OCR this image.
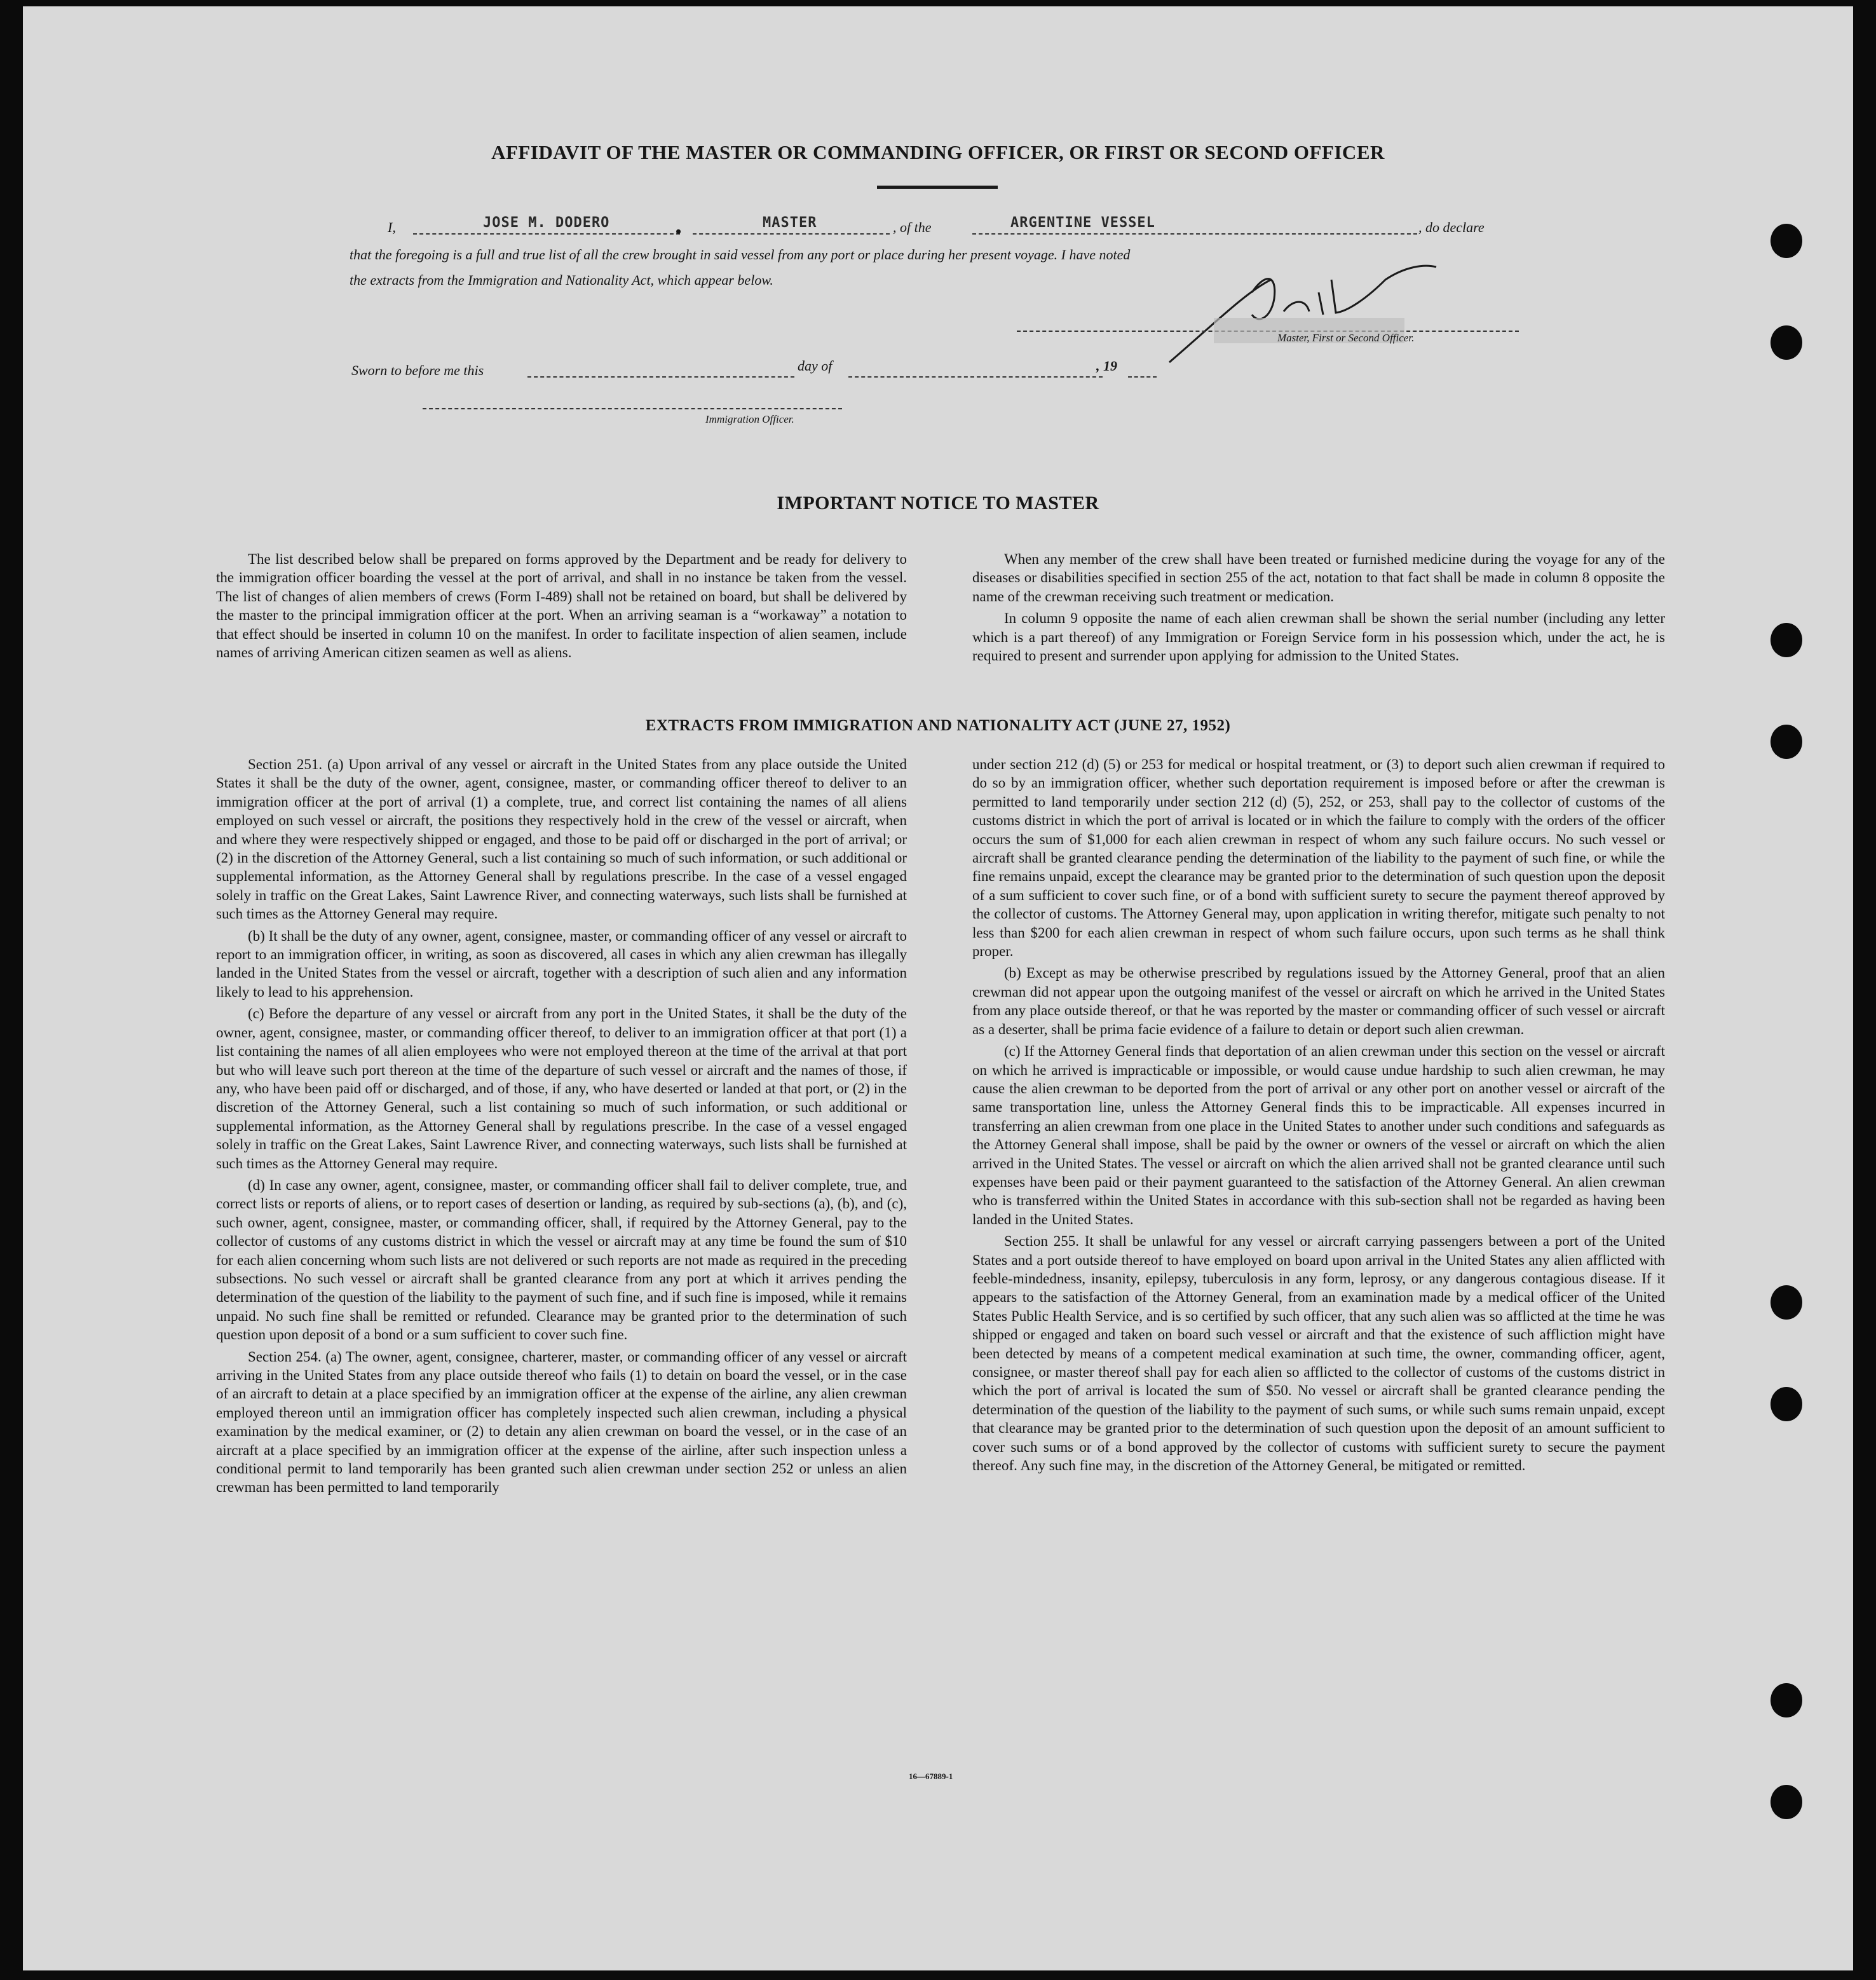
AFFIDAVIT OF THE MASTER OR COMMANDING OFFICER, OR FIRST OR SECOND OFFICER
I,	JOSE M. DODERO	•	MASTER	, of the	ARGENTINE VESSEL	, do declare
that the foregoing is a full and true list of all the crew brought in said vessel from any port or place during her present voyage. I have noted
the extracts from the Immigration and Nationality Act, which appear below.
Master, First or Second Officer.
Sworn to before me this	day of	, 19
Immigration Officer.
IMPORTANT NOTICE TO MASTER

The list described below shall be prepared on forms approved by the Department and be ready for delivery to the immigration officer boarding the vessel at the port of arrival, and shall in no instance be taken from the vessel. The list of changes of alien members of crews (Form I-489) shall not be retained on board, but shall be delivered by the master to the principal immigration officer at the port. When an arriving seaman is a “workaway” a notation to that effect should be inserted in column 10 on the manifest. In order to facilitate inspection of alien seamen, include names of arriving American citizen seamen as well as aliens.

When any member of the crew shall have been treated or furnished medicine during the voyage for any of the diseases or disabilities specified in section 255 of the act, notation to that fact shall be made in column 8 opposite the name of the crewman receiving such treatment or medication.

In column 9 opposite the name of each alien crewman shall be shown the serial number (including any letter which is a part thereof) of any Immigration or Foreign Service form in his possession which, under the act, he is required to present and surrender upon applying for admission to the United States.

EXTRACTS FROM IMMIGRATION AND NATIONALITY ACT (JUNE 27, 1952)

Section 251. (a) Upon arrival of any vessel or aircraft in the United States from any place outside the United States it shall be the duty of the owner, agent, consignee, master, or commanding officer thereof to deliver to an immigration officer at the port of arrival (1) a complete, true, and correct list containing the names of all aliens employed on such vessel or aircraft, the positions they respectively hold in the crew of the vessel or aircraft, when and where they were respectively shipped or engaged, and those to be paid off or discharged in the port of arrival; or (2) in the discretion of the Attorney General, such a list containing so much of such information, or such additional or supplemental information, as the Attorney General shall by regulations prescribe. In the case of a vessel engaged solely in traffic on the Great Lakes, Saint Lawrence River, and connecting waterways, such lists shall be furnished at such times as the Attorney General may require.

(b) It shall be the duty of any owner, agent, consignee, master, or commanding officer of any vessel or aircraft to report to an immigration officer, in writing, as soon as discovered, all cases in which any alien crewman has illegally landed in the United States from the vessel or aircraft, together with a description of such alien and any information likely to lead to his apprehension.

(c) Before the departure of any vessel or aircraft from any port in the United States, it shall be the duty of the owner, agent, consignee, master, or commanding officer thereof, to deliver to an immigration officer at that port (1) a list containing the names of all alien employees who were not employed thereon at the time of the arrival at that port but who will leave such port thereon at the time of the departure of such vessel or aircraft and the names of those, if any, who have been paid off or discharged, and of those, if any, who have deserted or landed at that port, or (2) in the discretion of the Attorney General, such a list containing so much of such information, or such additional or supplemental information, as the Attorney General shall by regulations prescribe. In the case of a vessel engaged solely in traffic on the Great Lakes, Saint Lawrence River, and connecting waterways, such lists shall be furnished at such times as the Attorney General may require.

(d) In case any owner, agent, consignee, master, or commanding officer shall fail to deliver complete, true, and correct lists or reports of aliens, or to report cases of desertion or landing, as required by sub-sections (a), (b), and (c), such owner, agent, consignee, master, or commanding officer, shall, if required by the Attorney General, pay to the collector of customs of any customs district in which the vessel or aircraft may at any time be found the sum of $10 for each alien concerning whom such lists are not delivered or such reports are not made as required in the preceding subsections. No such vessel or aircraft shall be granted clearance from any port at which it arrives pending the determination of the question of the liability to the payment of such fine, and if such fine is imposed, while it remains unpaid. No such fine shall be remitted or refunded. Clearance may be granted prior to the determination of such question upon deposit of a bond or a sum sufficient to cover such fine.

Section 254. (a) The owner, agent, consignee, charterer, master, or commanding officer of any vessel or aircraft arriving in the United States from any place outside thereof who fails (1) to detain on board the vessel, or in the case of an aircraft to detain at a place specified by an immigration officer at the expense of the airline, any alien crewman employed thereon until an immigration officer has completely inspected such alien crewman, including a physical examination by the medical examiner, or (2) to detain any alien crewman on board the vessel, or in the case of an aircraft at a place specified by an immigration officer at the expense of the airline, after such inspection unless a conditional permit to land temporarily has been granted such alien crewman under section 252 or unless an alien crewman has been permitted to land temporarily

under section 212 (d) (5) or 253 for medical or hospital treatment, or (3) to deport such alien crewman if required to do so by an immigration officer, whether such deportation requirement is imposed before or after the crewman is permitted to land temporarily under section 212 (d) (5), 252, or 253, shall pay to the collector of customs of the customs district in which the port of arrival is located or in which the failure to comply with the orders of the officer occurs the sum of $1,000 for each alien crewman in respect of whom any such failure occurs. No such vessel or aircraft shall be granted clearance pending the determination of the liability to the payment of such fine, or while the fine remains unpaid, except the clearance may be granted prior to the determination of such question upon the deposit of a sum sufficient to cover such fine, or of a bond with sufficient surety to secure the payment thereof approved by the collector of customs. The Attorney General may, upon application in writing therefor, mitigate such penalty to not less than $200 for each alien crewman in respect of whom such failure occurs, upon such terms as he shall think proper.

(b) Except as may be otherwise prescribed by regulations issued by the Attorney General, proof that an alien crewman did not appear upon the outgoing manifest of the vessel or aircraft on which he arrived in the United States from any place outside thereof, or that he was reported by the master or commanding officer of such vessel or aircraft as a deserter, shall be prima facie evidence of a failure to detain or deport such alien crewman.

(c) If the Attorney General finds that deportation of an alien crewman under this section on the vessel or aircraft on which he arrived is impracticable or impossible, or would cause undue hardship to such alien crewman, he may cause the alien crewman to be deported from the port of arrival or any other port on another vessel or aircraft of the same transportation line, unless the Attorney General finds this to be impracticable. All expenses incurred in transferring an alien crewman from one place in the United States to another under such conditions and safeguards as the Attorney General shall impose, shall be paid by the owner or owners of the vessel or aircraft on which the alien arrived in the United States. The vessel or aircraft on which the alien arrived shall not be granted clearance until such expenses have been paid or their payment guaranteed to the satisfaction of the Attorney General. An alien crewman who is transferred within the United States in accordance with this sub-section shall not be regarded as having been landed in the United States.

Section 255. It shall be unlawful for any vessel or aircraft carrying passengers between a port of the United States and a port outside thereof to have employed on board upon arrival in the United States any alien afflicted with feeble-mindedness, insanity, epilepsy, tuberculosis in any form, leprosy, or any dangerous contagious disease. If it appears to the satisfaction of the Attorney General, from an examination made by a medical officer of the United States Public Health Service, and is so certified by such officer, that any such alien was so afflicted at the time he was shipped or engaged and taken on board such vessel or aircraft and that the existence of such affliction might have been detected by means of a competent medical examination at such time, the owner, commanding officer, agent, consignee, or master thereof shall pay for each alien so afflicted to the collector of customs of the customs district in which the port of arrival is located the sum of $50. No vessel or aircraft shall be granted clearance pending the determination of the question of the liability to the payment of such sums, or while such sums remain unpaid, except that clearance may be granted prior to the determination of such question upon the deposit of an amount sufficient to cover such sums or of a bond approved by the collector of customs with sufficient surety to secure the payment thereof. Any such fine may, in the discretion of the Attorney General, be mitigated or remitted.

16—67889-1
